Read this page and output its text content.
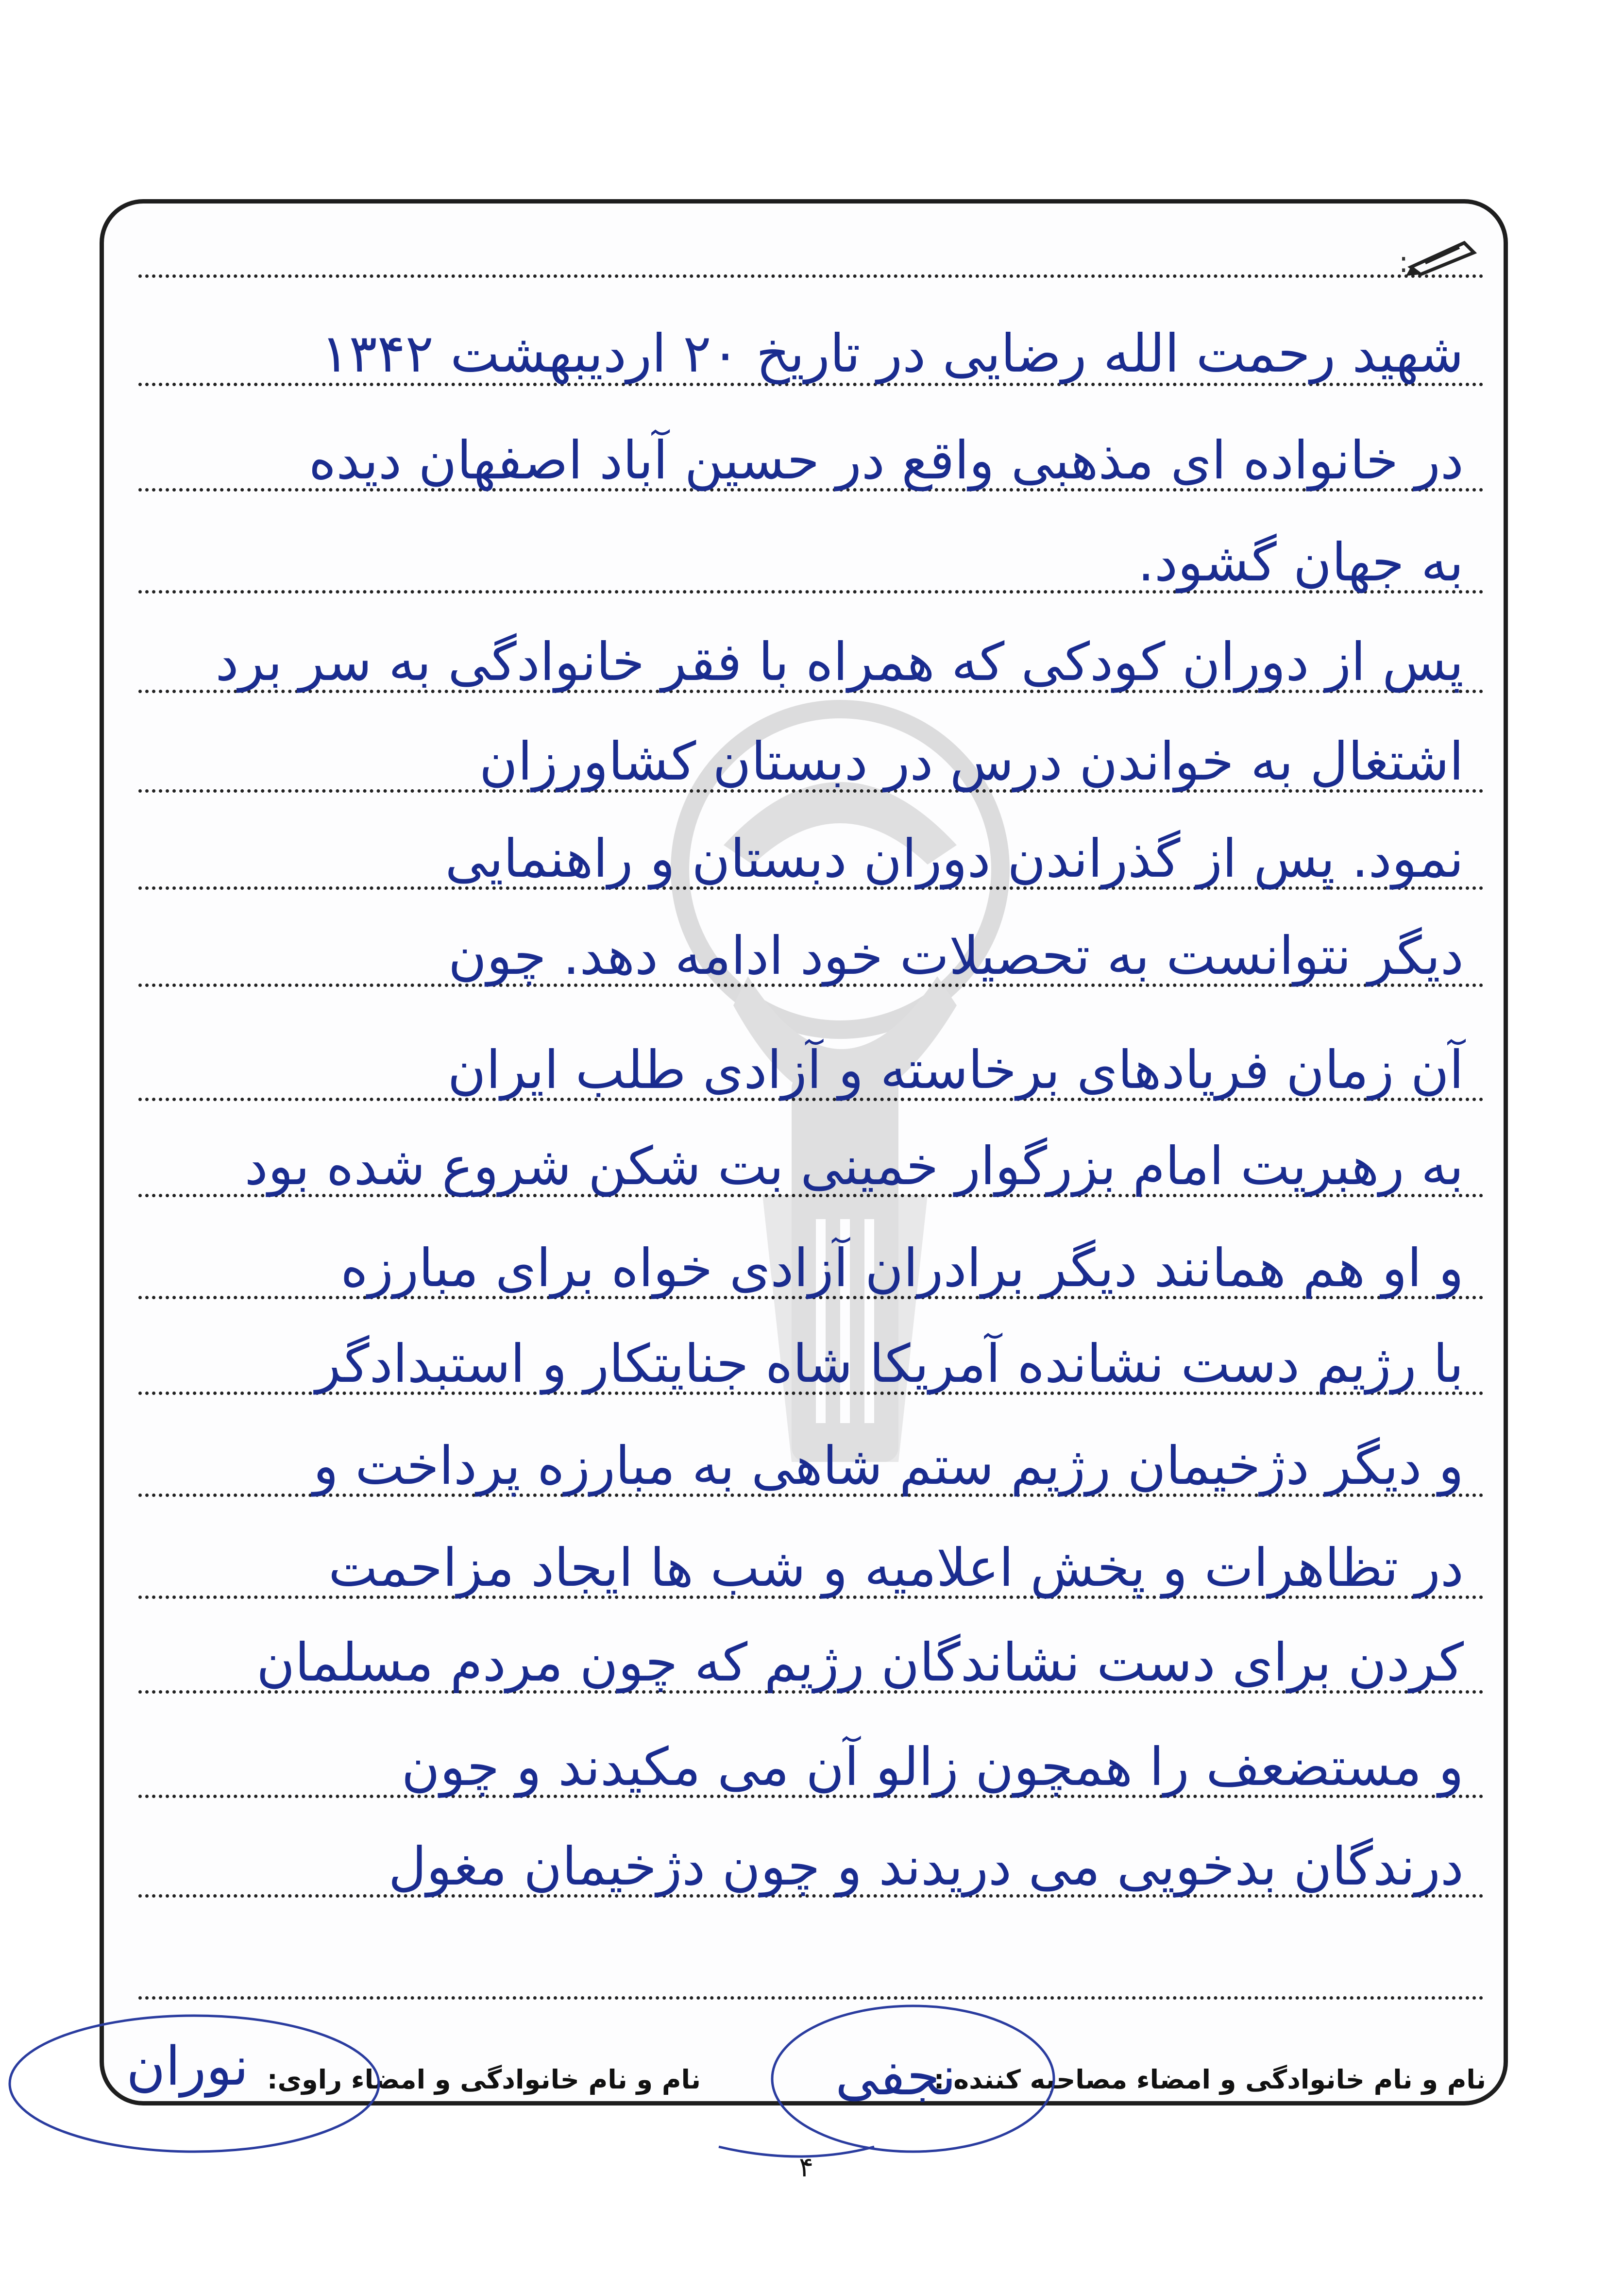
:
شهید رحمت الله رضایی در تاریخ ۲۰ اردیبهشت ۱۳۴۲
در خانواده ای مذهبی واقع در حسین آباد اصفهان دیده
به جهان گشود.
پس از دوران کودکی که همراه با فقر خانوادگی به سر برد
اشتغال به خواندن درس در دبستان کشاورزان
نمود. پس از گذراندن دوران دبستان و راهنمایی
دیگر نتوانست به تحصیلات خود ادامه دهد. چون
آن زمان فریادهای برخاسته و آزادی طلب ایران
به رهبریت امام بزرگوار خمینی بت شکن شروع شده بود
و او هم همانند دیگر برادران آزادی خواه برای مبارزه
با رژیم دست نشانده آمریکا شاه جنایتکار و استبدادگر
و دیگر دژخیمان رژیم ستم شاهی به مبارزه پرداخت و
در تظاهرات و پخش اعلامیه و شب ها ایجاد مزاحمت
کردن برای دست نشاندگان رژیم که چون مردم مسلمان
و مستضعف را همچون زالو آن می مکیدند و چون
درندگان بدخویی می دریدند و چون دژخیمان مغول
نام و نام خانوادگی و امضاء مصاحبه کننده :
نجفی
نام و نام خانوادگی و امضاء راوی:
نوران
۴
